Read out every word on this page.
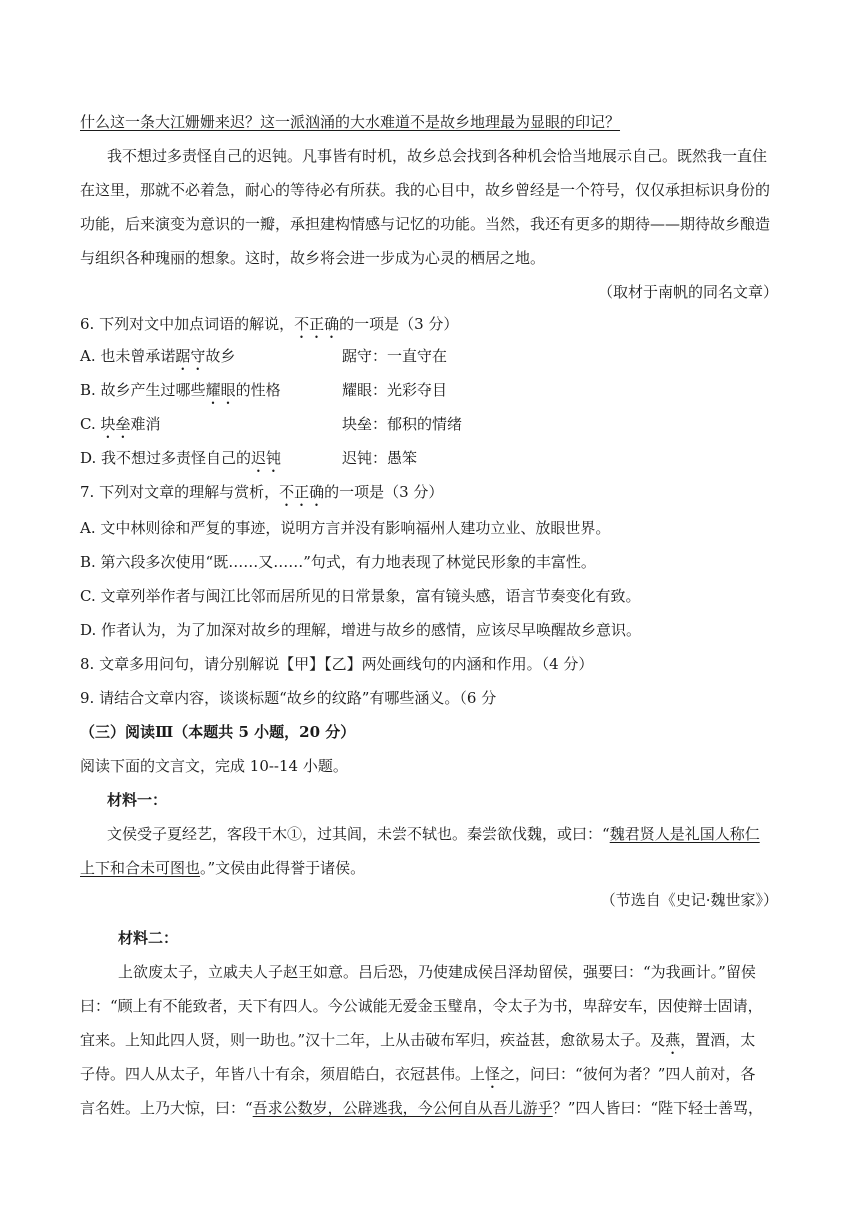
什么这一条大江姗姗来迟？这一派汹涌的大水难道不是故乡地理最为显眼的印记？
我不想过多责怪自己的迟钝。凡事皆有时机，故乡总会找到各种机会恰当地展示自己。既然我一直住
在这里，那就不必着急，耐心的等待必有所获。我的心目中，故乡曾经是一个符号，仅仅承担标识身份的
功能，后来演变为意识的一瓣，承担建构情感与记忆的功能。当然，我还有更多的期待——期待故乡酿造
与组织各种瑰丽的想象。这时，故乡将会进一步成为心灵的栖居之地。
（取材于南帆的同名文章）
6. 下列对文中加点词语的解说，不正确的一项是（3 分）
A. 也未曾承诺踞守故乡	踞守：一直守在
B. 故乡产生过哪些耀眼的性格	耀眼：光彩夺目
C. 块垒难消	块垒：郁积的情绪
D. 我不想过多责怪自己的迟钝	迟钝：愚笨
7. 下列对文章的理解与赏析，不正确的一项是（3 分）
A. 文中林则徐和严复的事迹，说明方言并没有影响福州人建功立业、放眼世界。
B. 第六段多次使用“既……又……”句式，有力地表现了林觉民形象的丰富性。
C. 文章列举作者与闽江比邻而居所见的日常景象，富有镜头感，语言节奏变化有致。
D. 作者认为，为了加深对故乡的理解，增进与故乡的感情，应该尽早唤醒故乡意识。
8. 文章多用问句，请分别解说【甲】【乙】两处画线句的内涵和作用。（4 分）
9. 请结合文章内容，谈谈标题“故乡的纹路”有哪些涵义。（6 分
（三）阅读Ⅲ（本题共 5 小题，20 分）
阅读下面的文言文，完成 10--14 小题。
材料一：
文侯受子夏经艺，客段干木①，过其闾，未尝不轼也。秦尝欲伐魏，或曰：“魏君贤人是礼国人称仁
上下和合未可图也。”文侯由此得誉于诸侯。
（节选自《史记·魏世家》）
材料二：
上欲废太子，立戚夫人子赵王如意。吕后恐，乃使建成侯吕泽劫留侯，强要曰：“为我画计。”留侯
曰：“顾上有不能致者，天下有四人。今公诚能无爱金玉璧帛，令太子为书，卑辞安车，因使辩士固请，
宜来。上知此四人贤，则一助也。”汉十二年，上从击破布军归，疾益甚，愈欲易太子。及燕，置酒，太
子侍。四人从太子，年皆八十有余，须眉皓白，衣冠甚伟。上怪之，问曰：“彼何为者？”四人前对，各
言名姓。上乃大惊，曰：“吾求公数岁，公辟逃我，今公何自从吾儿游乎？”四人皆曰：“陛下轻士善骂，
